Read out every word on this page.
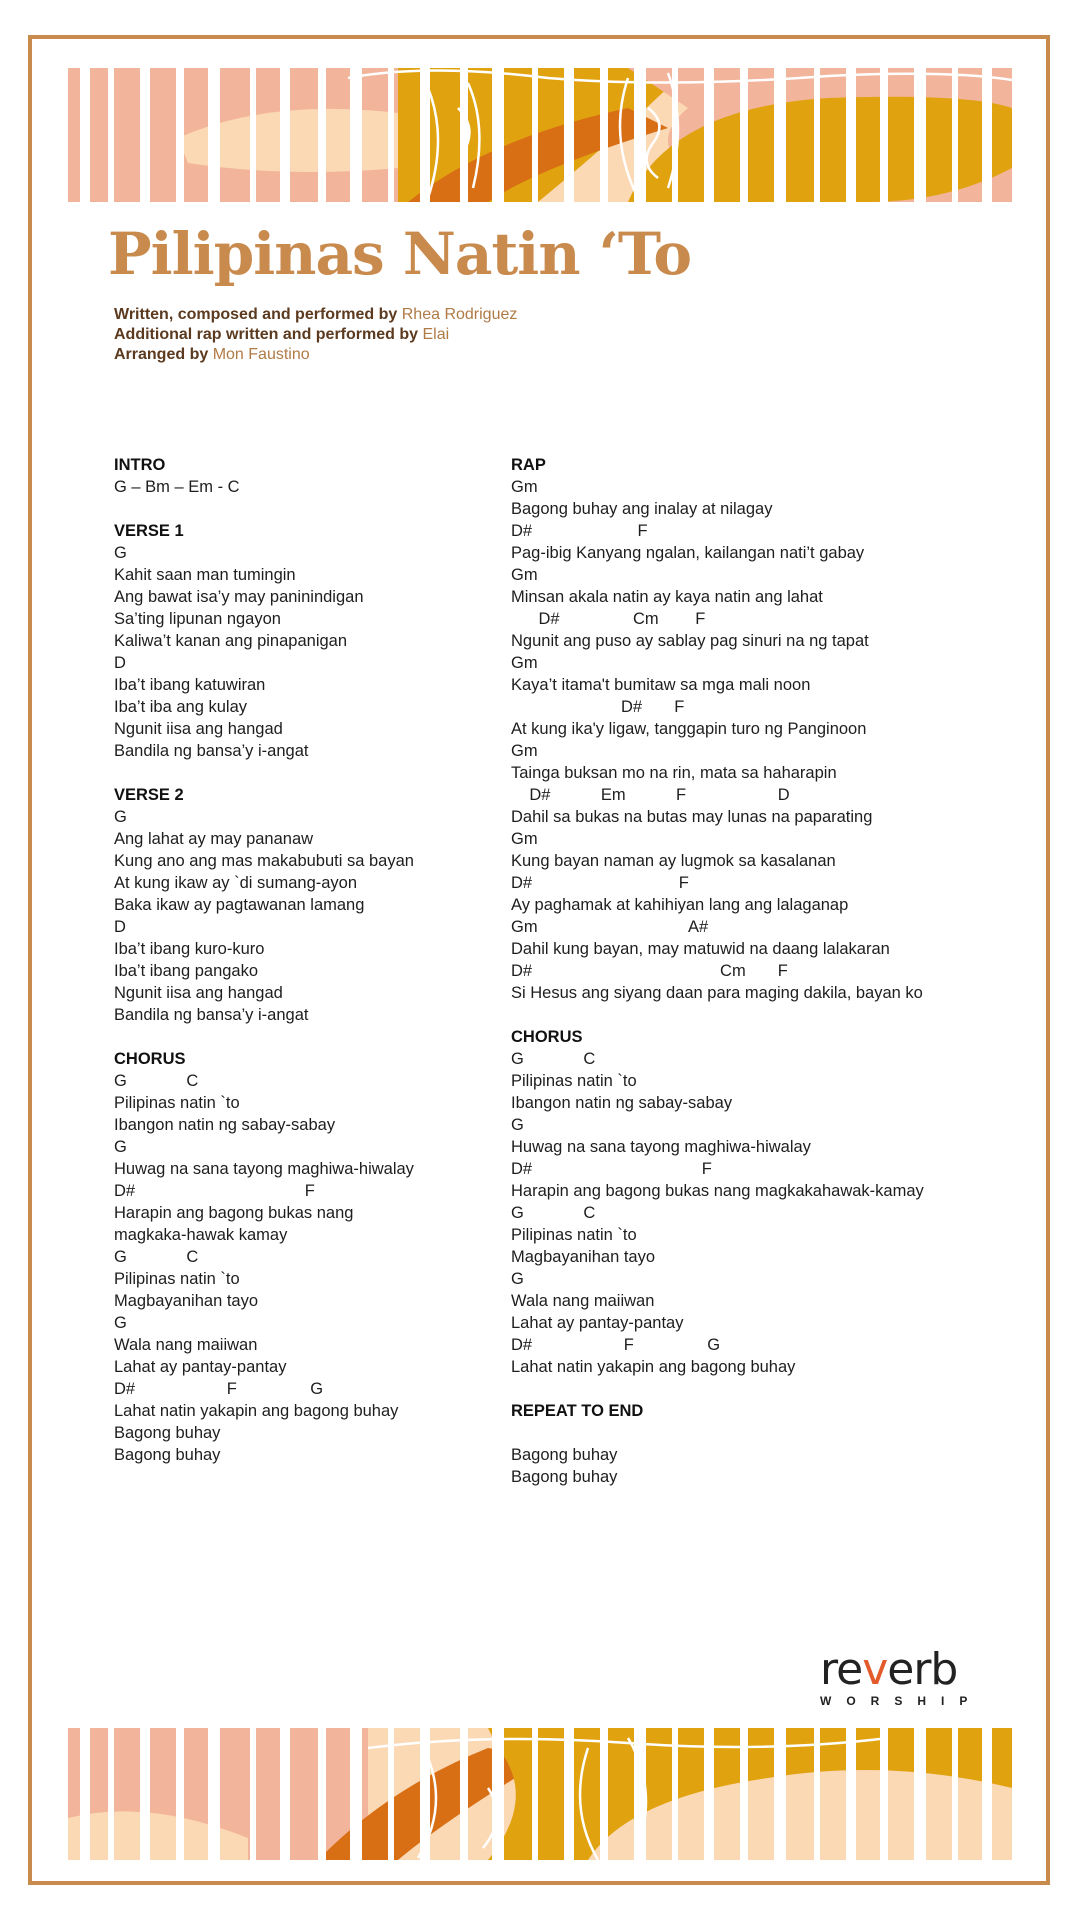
Pilipinas Natin ‘To
Written, composed and performed by Rhea Rodriguez
Additional rap written and performed by Elai
Arranged by Mon Faustino
INTRO
G – Bm – Em - C
VERSE 1
G
Kahit saan man tumingin
Ang bawat isa’y may paninindigan
Sa’ting lipunan ngayon
Kaliwa’t kanan ang pinapanigan
D
Iba’t ibang katuwiran
Iba’t iba ang kulay
Ngunit iisa ang hangad
Bandila ng bansa’y i-angat
VERSE 2
G
Ang lahat ay may pananaw
Kung ano ang mas makabubuti sa bayan
At kung ikaw ay `di sumang-ayon
Baka ikaw ay pagtawanan lamang
D
Iba’t ibang kuro-kuro
Iba’t ibang pangako
Ngunit iisa ang hangad
Bandila ng bansa’y i-angat
CHORUS
G             C
Pilipinas natin `to
Ibangon natin ng sabay-sabay
G
Huwag na sana tayong maghiwa-hiwalay
D#                                     F
Harapin ang bagong bukas nang
magkaka-hawak kamay
G             C
Pilipinas natin `to
Magbayanihan tayo
G
Wala nang maiiwan
Lahat ay pantay-pantay
D#                    F                G
Lahat natin yakapin ang bagong buhay
Bagong buhay
Bagong buhay
RAP
Gm
Bagong buhay ang inalay at nilagay
D#                       F
Pag-ibig Kanyang ngalan, kailangan nati’t gabay
Gm
Minsan akala natin ay kaya natin ang lahat
D#                Cm        F
Ngunit ang puso ay sablay pag sinuri na ng tapat
Gm
Kaya’t itama't bumitaw sa mga mali noon
D#       F
At kung ika'y ligaw, tanggapin turo ng Panginoon
Gm
Tainga buksan mo na rin, mata sa haharapin
D#           Em           F                    D
Dahil sa bukas na butas may lunas na paparating
Gm
Kung bayan naman ay lugmok sa kasalanan
D#                                F
Ay paghamak at kahihiyan lang ang lalaganap
Gm                                 A#
Dahil kung bayan, may matuwid na daang lalakaran
D#                                         Cm       F
Si Hesus ang siyang daan para maging dakila, bayan ko
CHORUS
G             C
Pilipinas natin `to
Ibangon natin ng sabay-sabay
G
Huwag na sana tayong maghiwa-hiwalay
D#                                     F
Harapin ang bagong bukas nang magkakahawak-kamay
G             C
Pilipinas natin `to
Magbayanihan tayo
G
Wala nang maiiwan
Lahat ay pantay-pantay
D#                    F                G
Lahat natin yakapin ang bagong buhay
REPEAT TO END
Bagong buhay
Bagong buhay
reverb
WORSHIP
